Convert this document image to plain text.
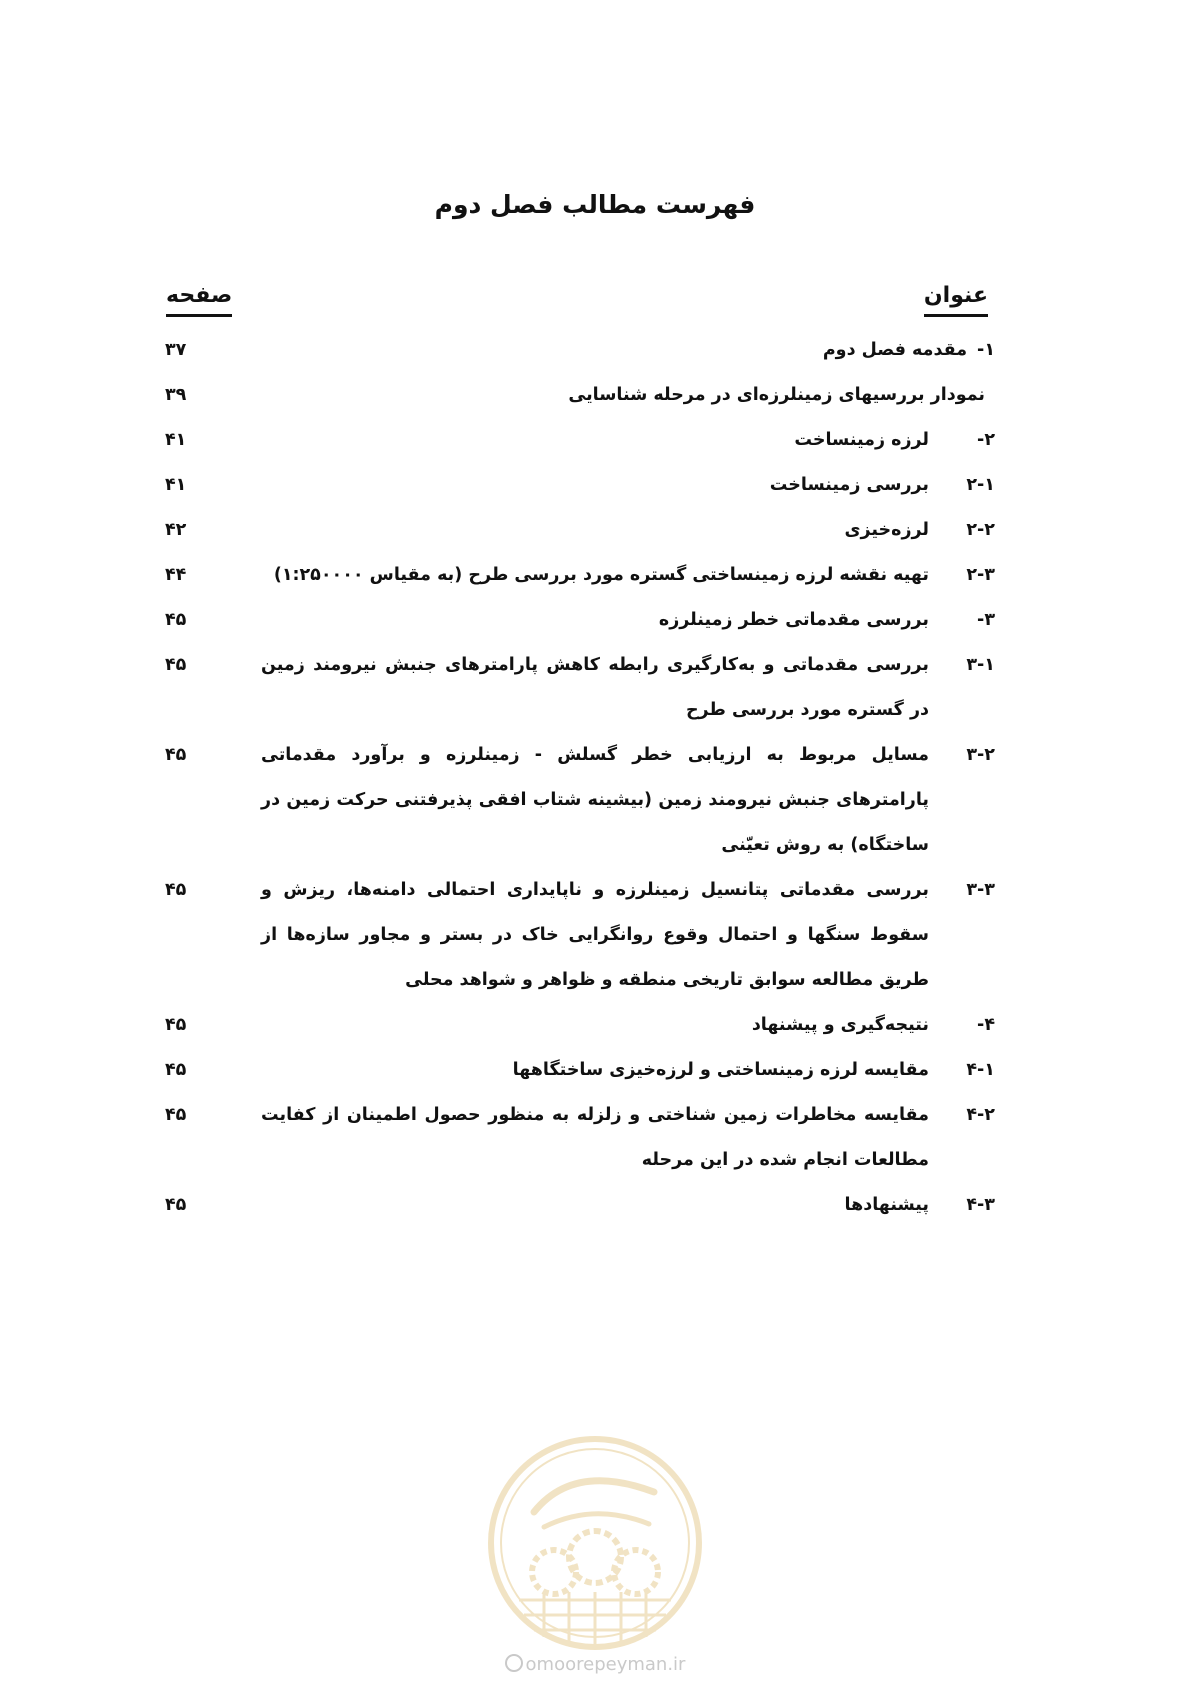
فهرست مطالب فصل دوم
عنوان
صفحه
۱-
مقدمه فصل دوم
۳۷
نمودار بررسیهای زمینلرزه‌ای در مرحله شناسایی
۳۹
۲-
لرزه زمینساخت
۴۱
۲-۱
بررسی زمینساخت
۴۱
۲-۲
لرزه‌خیزی
۴۲
۲-۳
تهیه نقشه لرزه زمینساختی گستره مورد بررسی طرح (به مقیاس ۱:۲۵۰۰۰۰)
۴۴
۳-
بررسی مقدماتی خطر زمینلرزه
۴۵
۳-۱
بررسی مقدماتی و به‌کارگیری رابطه کاهش پارامترهای جنبش نیرومند زمین در گستره مورد بررسی طرح
۴۵
۳-۲
مسایل مربوط به ارزیابی خطر گسلش - زمینلرزه و برآورد مقدماتی پارامترهای جنبش نیرومند زمین (بیشینه شتاب افقی پذیرفتنی حرکت زمین در ساختگاه) به روش تعیّنی
۴۵
۳-۳
بررسی مقدماتی پتانسیل زمینلرزه و ناپایداری احتمالی دامنه‌ها، ریزش و سقوط سنگها و احتمال وقوع روانگرایی خاک در بستر و مجاور سازه‌ها از طریق مطالعه سوابق تاریخی منطقه و ظواهر و شواهد محلی
۴۵
۴-
نتیجه‌گیری و پیشنهاد
۴۵
۴-۱
مقایسه لرزه زمینساختی و لرزه‌خیزی ساختگاهها
۴۵
۴-۲
مقایسه مخاطرات زمین شناختی و زلزله به منظور حصول اطمینان از کفایت مطالعات انجام شده در این مرحله
۴۵
۴-۳
پیشنهادها
۴۵
omoorepeyman.ir
